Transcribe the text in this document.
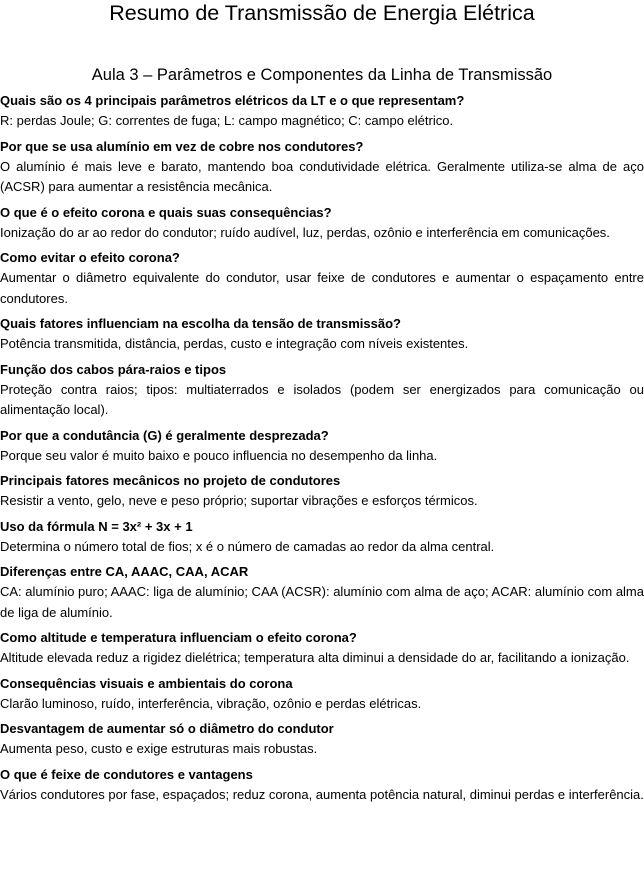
Resumo de Transmissão de Energia Elétrica
Aula 3 – Parâmetros e Componentes da Linha de Transmissão
Quais são os 4 principais parâmetros elétricos da LT e o que representam?
R: perdas Joule; G: correntes de fuga; L: campo magnético; C: campo elétrico.
Por que se usa alumínio em vez de cobre nos condutores?
O alumínio é mais leve e barato, mantendo boa condutividade elétrica. Geralmente utiliza-se alma de aço (ACSR) para aumentar a resistência mecânica.
O que é o efeito corona e quais suas consequências?
Ionização do ar ao redor do condutor; ruído audível, luz, perdas, ozônio e interferência em comunicações.
Como evitar o efeito corona?
Aumentar o diâmetro equivalente do condutor, usar feixe de condutores e aumentar o espaçamento entre condutores.
Quais fatores influenciam na escolha da tensão de transmissão?
Potência transmitida, distância, perdas, custo e integração com níveis existentes.
Função dos cabos pára-raios e tipos
Proteção contra raios; tipos: multiaterrados e isolados (podem ser energizados para comunicação ou alimentação local).
Por que a condutância (G) é geralmente desprezada?
Porque seu valor é muito baixo e pouco influencia no desempenho da linha.
Principais fatores mecânicos no projeto de condutores
Resistir a vento, gelo, neve e peso próprio; suportar vibrações e esforços térmicos.
Uso da fórmula N = 3x² + 3x + 1
Determina o número total de fios; x é o número de camadas ao redor da alma central.
Diferenças entre CA, AAAC, CAA, ACAR
CA: alumínio puro; AAAC: liga de alumínio; CAA (ACSR): alumínio com alma de aço; ACAR: alumínio com alma de liga de alumínio.
Como altitude e temperatura influenciam o efeito corona?
Altitude elevada reduz a rigidez dielétrica; temperatura alta diminui a densidade do ar, facilitando a ionização.
Consequências visuais e ambientais do corona
Clarão luminoso, ruído, interferência, vibração, ozônio e perdas elétricas.
Desvantagem de aumentar só o diâmetro do condutor
Aumenta peso, custo e exige estruturas mais robustas.
O que é feixe de condutores e vantagens
Vários condutores por fase, espaçados; reduz corona, aumenta potência natural, diminui perdas e interferência.
